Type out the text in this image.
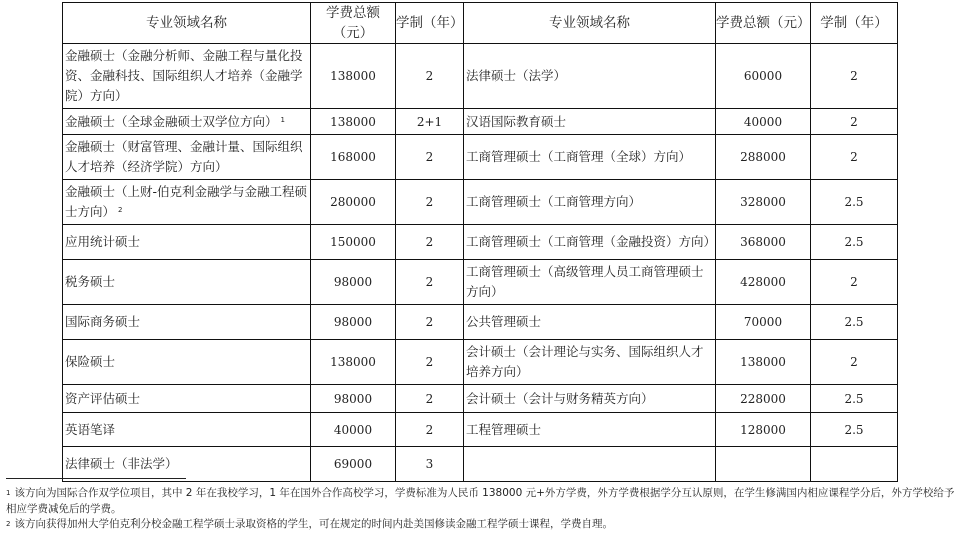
专业领域名称	学费总额（元）	学制（年）	专业领域名称	学费总额（元）	学制（年）
金融硕士（金融分析师、金融工程与量化投资、金融科技、国际组织人才培养（金融学院）方向）	138000	2	法律硕士（法学）	60000	2
金融硕士（全球金融硕士双学位方向） $^1$	138000	2+1	汉语国际教育硕士	40000	2
金融硕士（财富管理、金融计量、国际组织人才培养（经济学院）方向）	168000	2	工商管理硕士（工商管理（全球）方向）	288000	2
金融硕士（上财-伯克利金融学与金融工程硕士方向） $^2$	280000	2	工商管理硕士（工商管理方向）	328000	2.5
应用统计硕士	150000	2	工商管理硕士（工商管理（金融投资）方向）	368000	2.5
税务硕士	98000	2	工商管理硕士（高级管理人员工商管理硕士方向）	428000	2
国际商务硕士	98000	2	公共管理硕士	70000	2.5
保险硕士	138000	2	会计硕士（会计理论与实务、国际组织人才培养方向）	138000	2
资产评估硕士	98000	2	会计硕士（会计与财务精英方向）	228000	2.5
英语笔译	40000	2	工程管理硕士	128000	2.5
法律硕士（非法学）	69000	3			

$^1$ 该方向为国际合作双学位项目，其中 2 年在我校学习，1 年在国外合作高校学习，学费标准为人民币 138000 元+外方学费，外方学费根据学分互认原则，在学生修满国内相应课程学分后，外方学校给予相应学费减免后的学费。

$^2$ 该方向获得加州大学伯克利分校金融工程学硕士录取资格的学生，可在规定的时间内赴美国修读金融工程学硕士课程，学费自理。
